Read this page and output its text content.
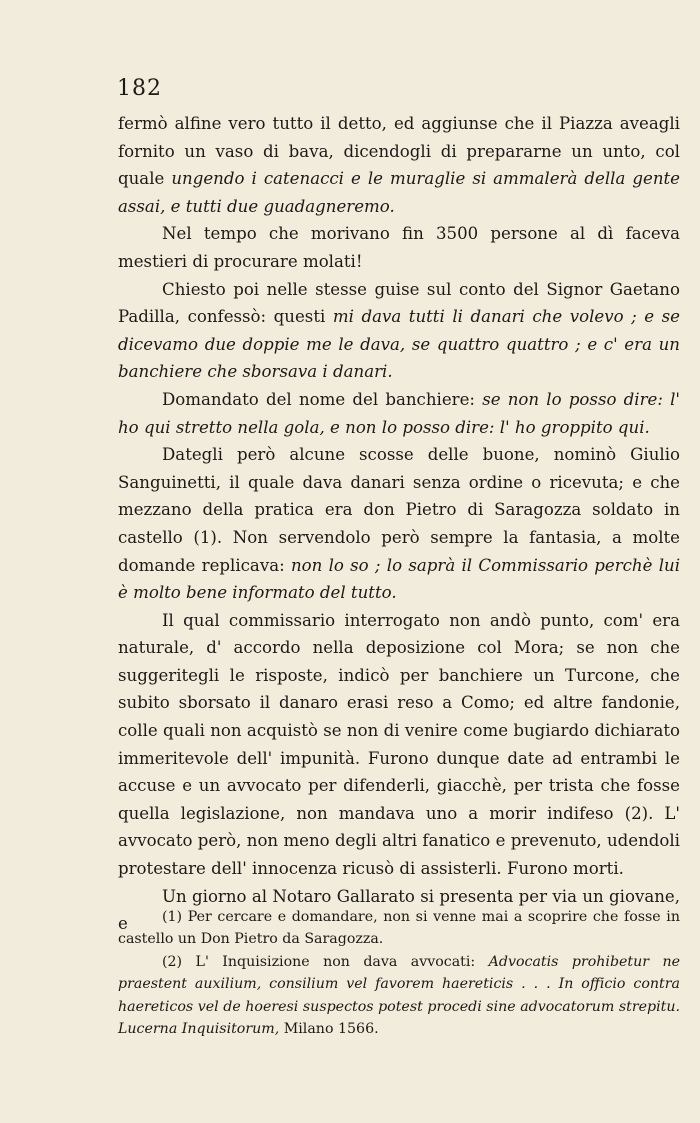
182

fermò alfine vero tutto il detto, ed aggiunse che il Piazza aveagli fornito un vaso di bava, dicendogli di prepararne un unto, col quale ungendo i catenacci e le muraglie si ammalerà della gente assai, e tutti due guadagneremo.

Nel tempo che morivano fin 3500 persone al dì faceva mestieri di procurare molati!

Chiesto poi nelle stesse guise sul conto del Signor Gaetano Padilla, confessò: questi mi dava tutti li danari che volevo ; e se dicevamo due doppie me le dava, se quattro quattro ; e c' era un banchiere che sborsava i danari.

Domandato del nome del banchiere: se non lo posso dire: l' ho qui stretto nella gola, e non lo posso dire: l' ho groppito qui.

Dategli però alcune scosse delle buone, nominò Giulio Sanguinetti, il quale dava danari senza ordine o ricevuta; e che mezzano della pratica era don Pietro di Saragozza soldato in castello (1). Non servendolo però sempre la fantasia, a molte domande replicava: non lo so ; lo saprà il Commissario perchè lui è molto bene informato del tutto.

Il qual commissario interrogato non andò punto, com' era naturale, d' accordo nella deposizione col Mora; se non che suggeritegli le risposte, indicò per banchiere un Turcone, che subito sborsato il danaro erasi reso a Como; ed altre fandonie, colle quali non acquistò se non di venire come bugiardo dichiarato immeritevole dell' impunità. Furono dunque date ad entrambi le accuse e un avvocato per difenderli, giacchè, per trista che fosse quella legislazione, non mandava uno a morir indifeso (2). L' avvocato però, non meno degli altri fanatico e prevenuto, udendoli protestare dell' innocenza ricusò di assisterli. Furono morti.

Un giorno al Notaro Gallarato si presenta per via un giovane, e	(1) Per cercare e domandare, non si venne mai a scoprire che fosse in castello un Don Pietro da Saragozza.

(2) L' Inquisizione non dava avvocati: Advocatis prohibetur ne praestent auxilium, consilium vel favorem haereticis . . . In officio contra haereticos vel de hoeresi suspectos potest procedi sine advocatorum strepitu. Lucerna Inquisitorum, Milano 1566.
